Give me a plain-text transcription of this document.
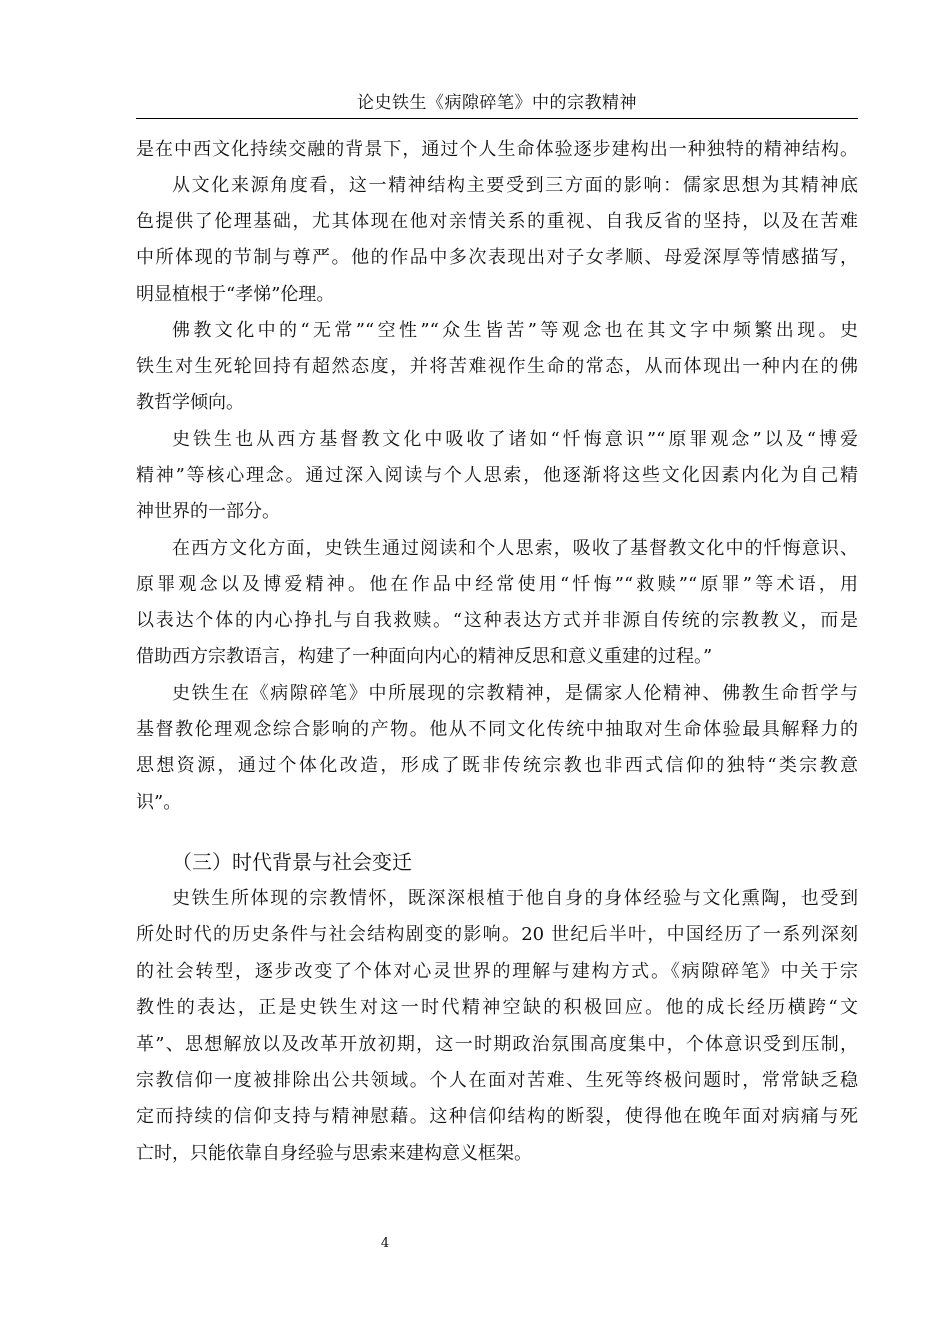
论史铁生《病隙碎笔》中的宗教精神
是在中西文化持续交融的背景下，通过个人生命体验逐步建构出一种独特的精神结构。
从文化来源角度看，这一精神结构主要受到三方面的影响：儒家思想为其精神底
色提供了伦理基础，尤其体现在他对亲情关系的重视、自我反省的坚持，以及在苦难
中所体现的节制与尊严。他的作品中多次表现出对子女孝顺、母爱深厚等情感描写，
明显植根于“孝悌”伦理。
佛教文化中的“无常”“空性”“众生皆苦”等观念也在其文字中频繁出现。史
铁生对生死轮回持有超然态度，并将苦难视作生命的常态，从而体现出一种内在的佛
教哲学倾向。
史铁生也从西方基督教文化中吸收了诸如“忏悔意识”“原罪观念”以及“博爱
精神”等核心理念。通过深入阅读与个人思索，他逐渐将这些文化因素内化为自己精
神世界的一部分。
在西方文化方面，史铁生通过阅读和个人思索，吸收了基督教文化中的忏悔意识、
原罪观念以及博爱精神。他在作品中经常使用“忏悔”“救赎”“原罪”等术语，用
以表达个体的内心挣扎与自我救赎。“这种表达方式并非源自传统的宗教教义，而是
借助西方宗教语言，构建了一种面向内心的精神反思和意义重建的过程。”
史铁生在《病隙碎笔》中所展现的宗教精神，是儒家人伦精神、佛教生命哲学与
基督教伦理观念综合影响的产物。他从不同文化传统中抽取对生命体验最具解释力的
思想资源，通过个体化改造，形成了既非传统宗教也非西式信仰的独特“类宗教意
识”。
（三）时代背景与社会变迁
史铁生所体现的宗教情怀，既深深根植于他自身的身体经验与文化熏陶，也受到
所处时代的历史条件与社会结构剧变的影响。20 世纪后半叶，中国经历了一系列深刻
的社会转型，逐步改变了个体对心灵世界的理解与建构方式。《病隙碎笔》中关于宗
教性的表达，正是史铁生对这一时代精神空缺的积极回应。他的成长经历横跨“文
革”、思想解放以及改革开放初期，这一时期政治氛围高度集中，个体意识受到压制，
宗教信仰一度被排除出公共领域。个人在面对苦难、生死等终极问题时，常常缺乏稳
定而持续的信仰支持与精神慰藉。这种信仰结构的断裂，使得他在晚年面对病痛与死
亡时，只能依靠自身经验与思索来建构意义框架。
4
